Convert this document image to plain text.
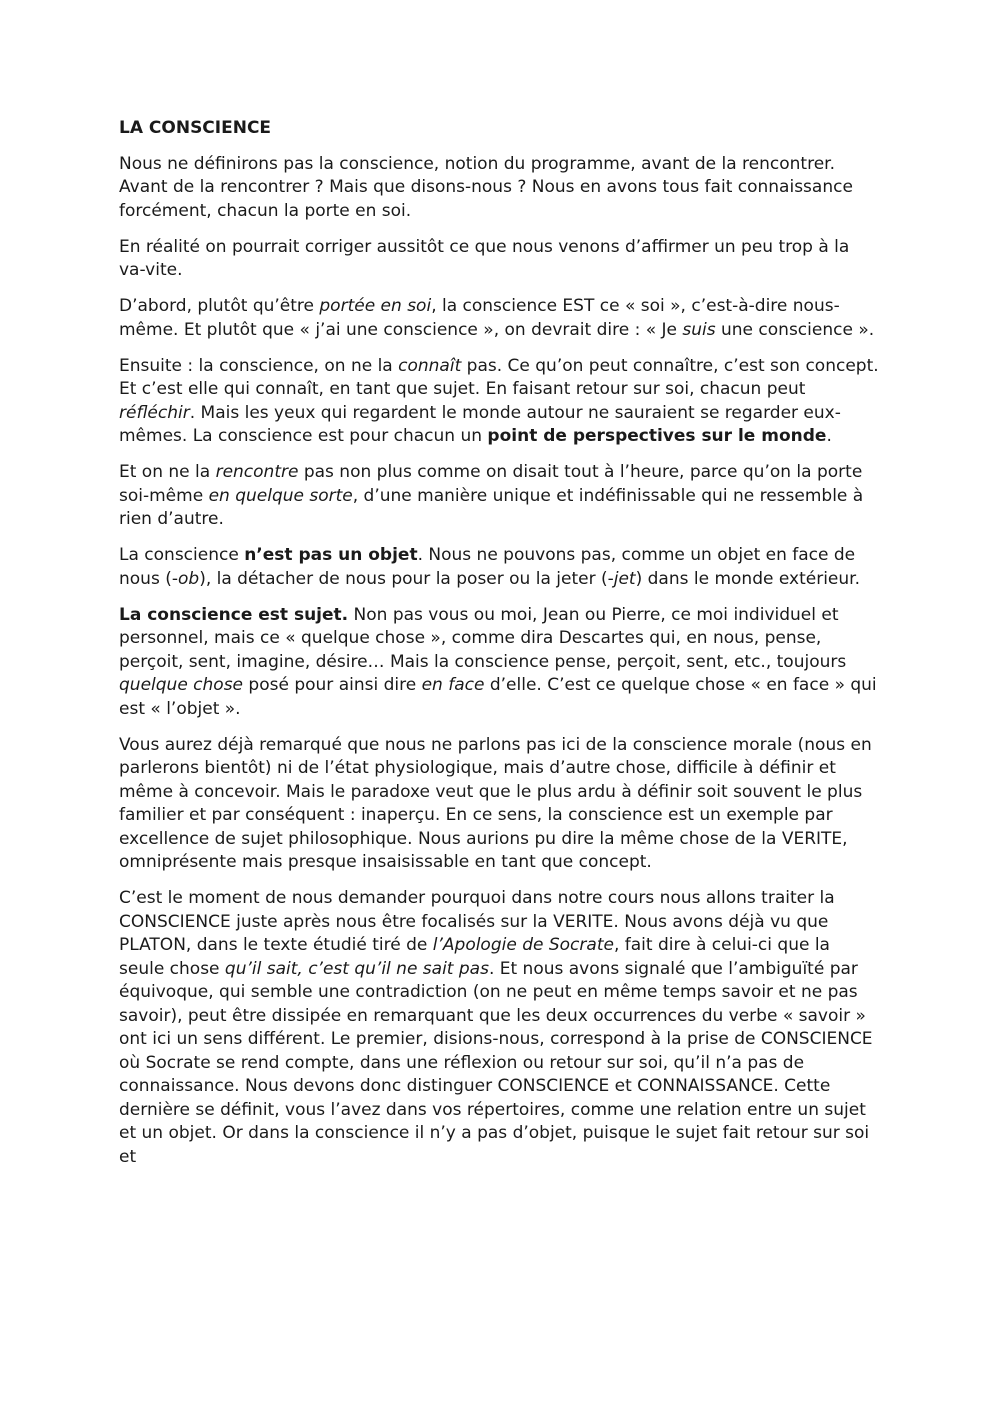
LA CONSCIENCE

Nous ne définirons pas la conscience, notion du programme, avant de la rencontrer. Avant de la rencontrer ? Mais que disons-nous ? Nous en avons tous fait connaissance forcément, chacun la porte en soi.

En réalité on pourrait corriger aussitôt ce que nous venons d’affirmer un peu trop à la va-vite.

D’abord, plutôt qu’être portée en soi, la conscience EST ce « soi », c’est-à-dire nous-même. Et plutôt que « j’ai une conscience », on devrait dire : « Je suis une conscience ».

Ensuite : la conscience, on ne la connaît pas. Ce qu’on peut connaître, c’est son concept. Et c’est elle qui connaît, en tant que sujet. En faisant retour sur soi, chacun peut réfléchir. Mais les yeux qui regardent le monde autour ne sauraient se regarder eux-mêmes. La conscience est pour chacun un point de perspectives sur le monde.

Et on ne la rencontre pas non plus comme on disait tout à l’heure, parce qu’on la porte soi-même en quelque sorte, d’une manière unique et indéfinissable qui ne ressemble à rien d’autre.

La conscience n’est pas un objet. Nous ne pouvons pas, comme un objet en face de nous (-ob), la détacher de nous pour la poser ou la jeter (-jet) dans le monde extérieur.

La conscience est sujet. Non pas vous ou moi, Jean ou Pierre, ce moi individuel et personnel, mais ce « quelque chose », comme dira Descartes qui, en nous, pense, perçoit, sent, imagine, désire… Mais la conscience pense, perçoit, sent, etc., toujours quelque chose posé pour ainsi dire en face d’elle. C’est ce quelque chose « en face » qui est « l’objet ».

Vous aurez déjà remarqué que nous ne parlons pas ici de la conscience morale (nous en parlerons bientôt) ni de l’état physiologique, mais d’autre chose, difficile à définir et même à concevoir. Mais le paradoxe veut que le plus ardu à définir soit souvent le plus familier et par conséquent : inaperçu. En ce sens, la conscience est un exemple par excellence de sujet philosophique. Nous aurions pu dire la même chose de la VERITE, omniprésente mais presque insaisissable en tant que concept.

C’est le moment de nous demander pourquoi dans notre cours nous allons traiter la CONSCIENCE juste après nous être focalisés sur la VERITE. Nous avons déjà vu que PLATON, dans le texte étudié tiré de l’Apologie de Socrate, fait dire à celui-ci que la seule chose qu’il sait, c’est qu’il ne sait pas. Et nous avons signalé que l’ambiguïté par équivoque, qui semble une contradiction (on ne peut en même temps savoir et ne pas savoir), peut être dissipée en remarquant que les deux occurrences du verbe « savoir » ont ici un sens différent. Le premier, disions-nous, correspond à la prise de CONSCIENCE où Socrate se rend compte, dans une réflexion ou retour sur soi, qu’il n’a pas de connaissance. Nous devons donc distinguer CONSCIENCE et CONNAISSANCE. Cette dernière se définit, vous l’avez dans vos répertoires, comme une relation entre un sujet et un objet. Or dans la conscience il n’y a pas d’objet, puisque le sujet fait retour sur soi et
